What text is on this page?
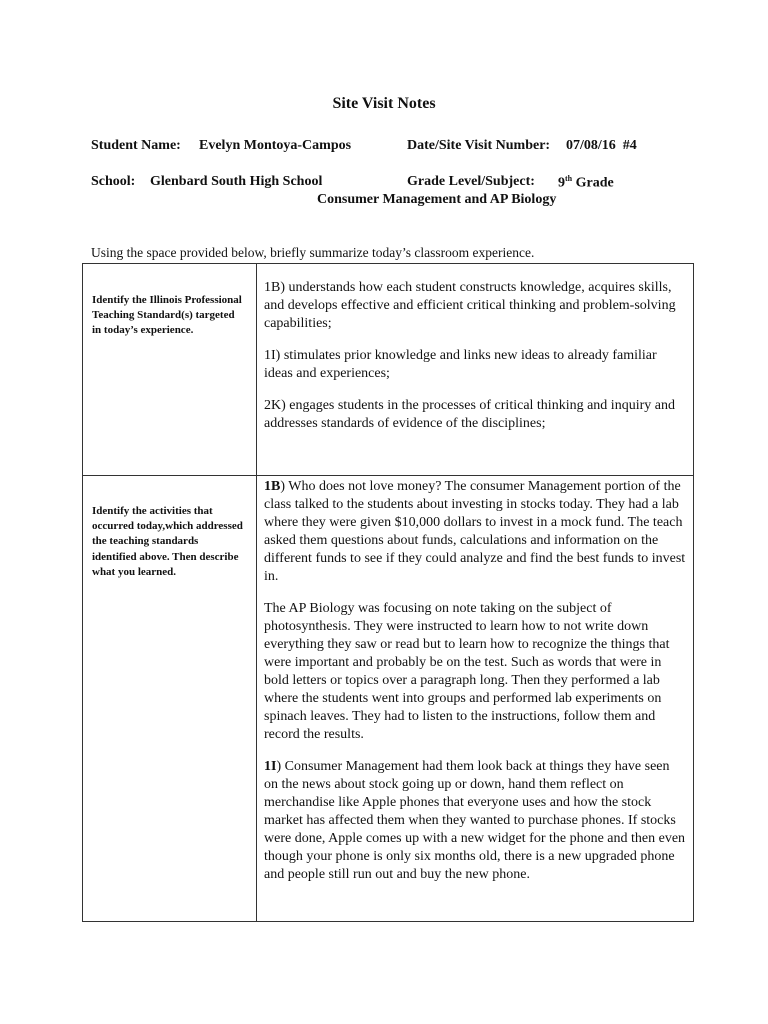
Site Visit Notes
Student Name: Evelyn Montoya-Campos	Date/Site Visit Number: 07/08/16  #4
School: Glenbard South High School	Grade Level/Subject: 9th Grade
Consumer Management and AP Biology
Using the space provided below, briefly summarize today’s classroom experience.
Identify the Illinois Professional Teaching Standard(s) targeted in today’s experience.	1B) understands how each student constructs knowledge, acquires skills, and develops effective and efficient critical thinking and problem-solving capabilities;

1I) stimulates prior knowledge and links new ideas to already familiar ideas and experiences;

2K) engages students in the processes of critical thinking and inquiry and addresses standards of evidence of the disciplines;

Identify the activities that occurred today,which addressed the teaching standards identified above. Then describe what you learned.	1B) Who does not love money? The consumer Management portion of the class talked to the students about investing in stocks today. They had a lab where they were given $10,000 dollars to invest in a mock fund. The teach asked them questions about funds, calculations and information on the different funds to see if they could analyze and find the best funds to invest in.

The AP Biology was focusing on note taking on the subject of photosynthesis. They were instructed to learn how to not write down everything they saw or read but to learn how to recognize the things that were important and probably be on the test. Such as words that were in bold letters or topics over a paragraph long. Then they performed a lab where the students went into groups and performed lab experiments on spinach leaves. They had to listen to the instructions, follow them and record the results.

1I) Consumer Management had them look back at things they have seen on the news about stock going up or down, hand them reflect on merchandise like Apple phones that everyone uses and how the stock market has affected them when they wanted to purchase phones. If stocks were done, Apple comes up with a new widget for the phone and then even though your phone is only six months old, there is a new upgraded phone and people still run out and buy the new phone.
